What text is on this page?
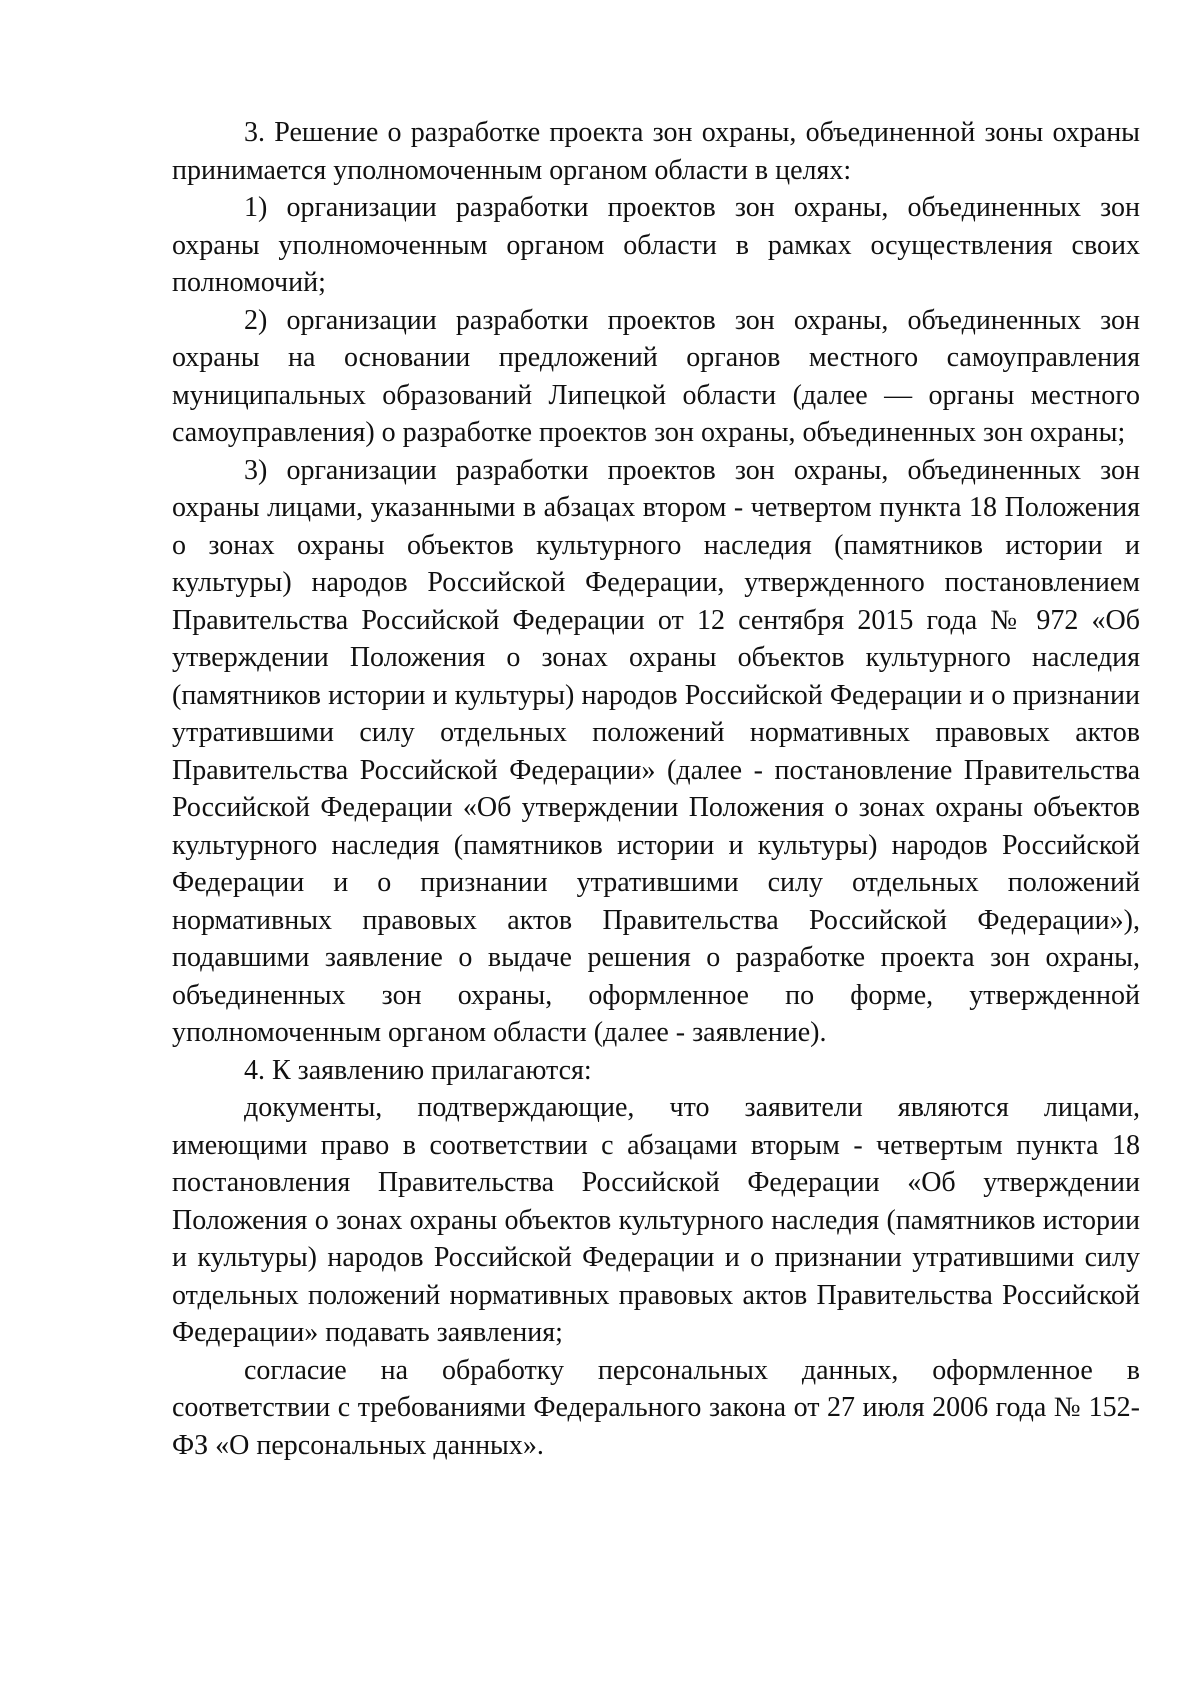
3. Решение о разработке проекта зон охраны, объединенной зоны охраны принимается уполномоченным органом области в целях:

1) организации разработки проектов зон охраны, объединенных зон охраны уполномоченным органом области в рамках осуществления своих полномочий;

2) организации разработки проектов зон охраны, объединенных зон охраны на основании предложений органов местного самоуправления муниципальных образований Липецкой области (далее — органы местного самоуправления) о разработке проектов зон охраны, объединенных зон охраны;

3) организации разработки проектов зон охраны, объединенных зон охраны лицами, указанными в абзацах втором - четвертом пункта 18 Положения о зонах охраны объектов культурного наследия (памятников истории и культуры) народов Российской Федерации, утвержденного постановлением Правительства Российской Федерации от 12 сентября 2015 года № 972 «Об утверждении Положения о зонах охраны объектов культурного наследия (памятников истории и культуры) народов Российской Федерации и о признании утратившими силу отдельных положений нормативных правовых актов Правительства Российской Федерации» (далее - постановление Правительства Российской Федерации «Об утверждении Положения о зонах охраны объектов культурного наследия (памятников истории и культуры) народов Российской Федерации и о признании утратившими силу отдельных положений нормативных правовых актов Правительства Российской Федерации»), подавшими заявление о выдаче решения о разработке проекта зон охраны, объединенных зон охраны, оформленное по форме, утвержденной уполномоченным органом области (далее - заявление).

4. К заявлению прилагаются:

документы, подтверждающие, что заявители являются лицами, имеющими право в соответствии с абзацами вторым - четвертым пункта 18 постановления Правительства Российской Федерации «Об утверждении Положения о зонах охраны объектов культурного наследия (памятников истории и культуры) народов Российской Федерации и о признании утратившими силу отдельных положений нормативных правовых актов Правительства Российской Федерации» подавать заявления;

согласие на обработку персональных данных, оформленное в соответствии с требованиями Федерального закона от 27 июля 2006 года № 152-ФЗ «О персональных данных».
